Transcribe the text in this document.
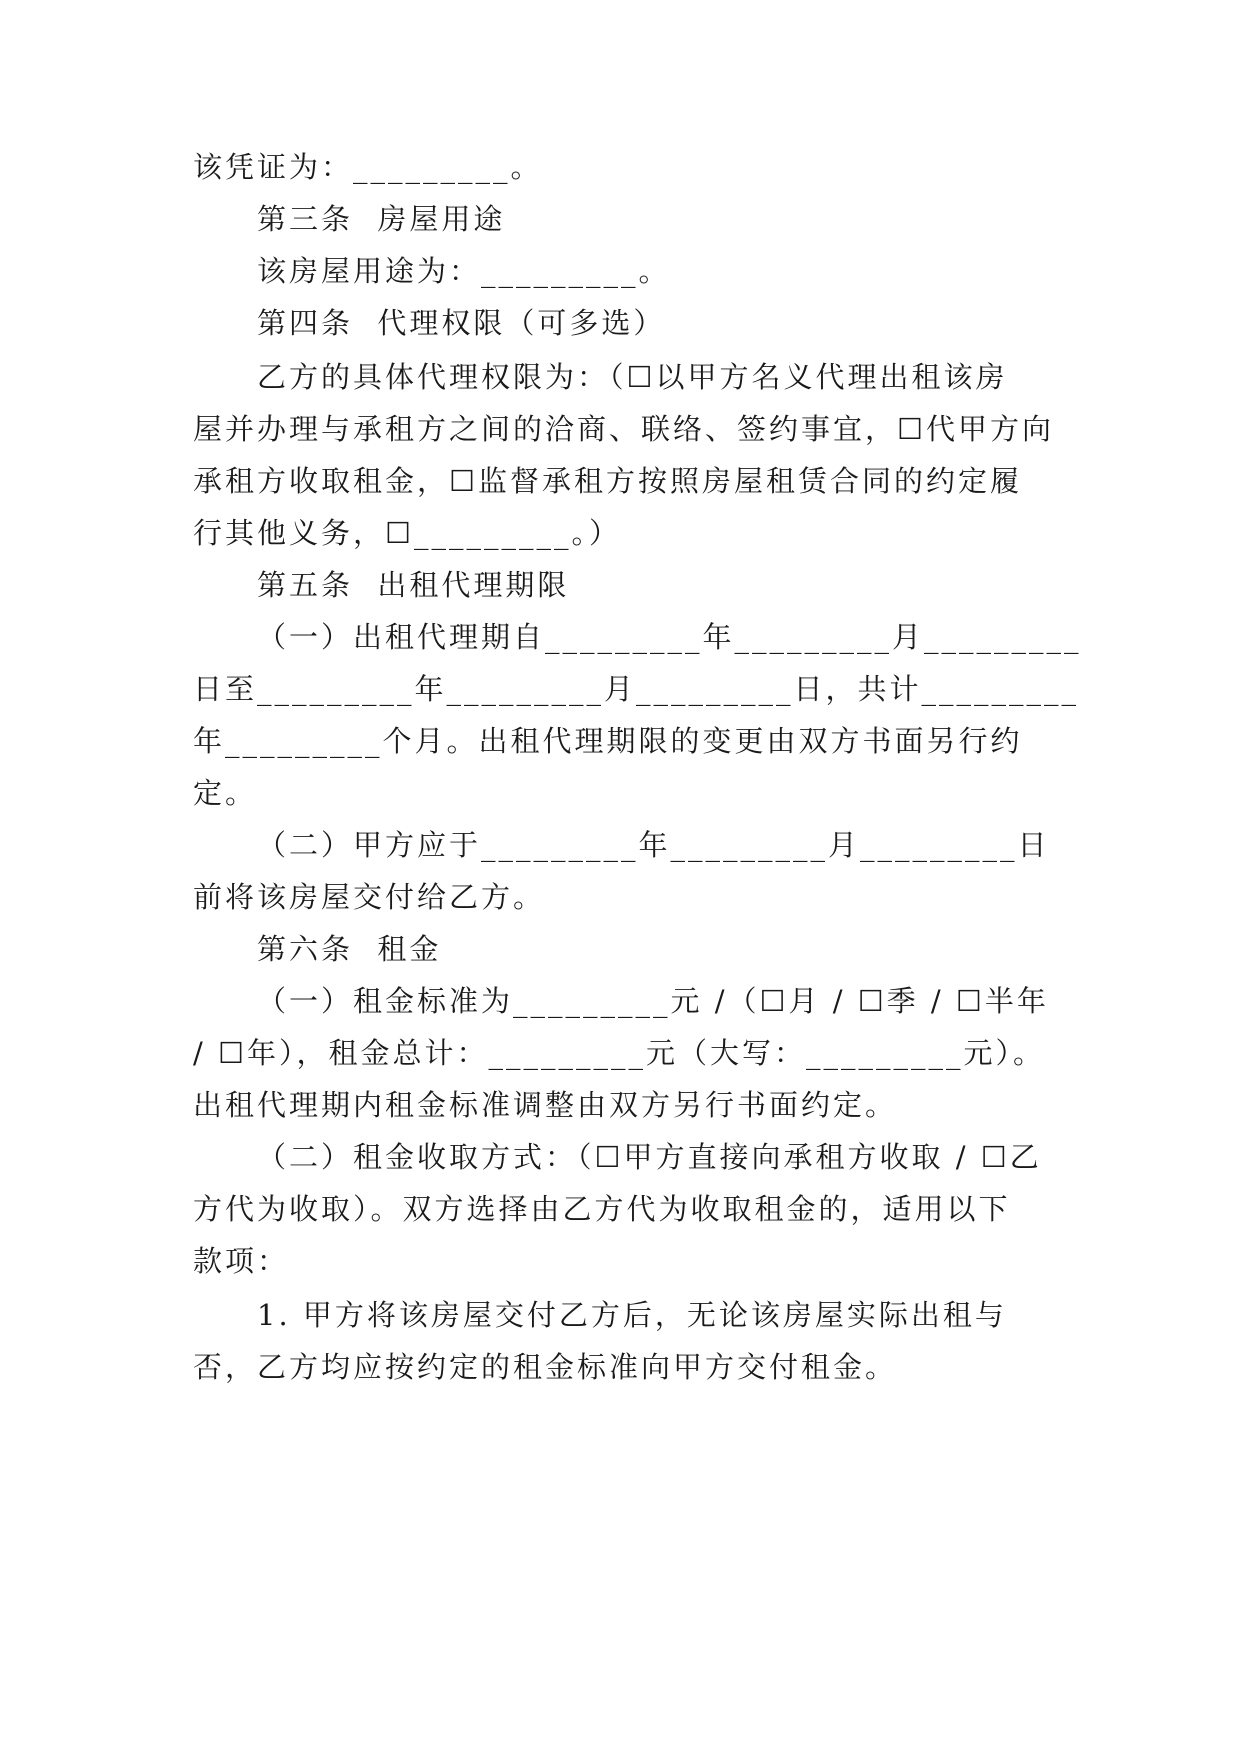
该凭证为：_________。
第三条  房屋用途
该房屋用途为：_________。
第四条  代理权限（可多选）
乙方的具体代理权限为：（☐以甲方名义代理出租该房
屋并办理与承租方之间的洽商、联络、签约事宜，☐代甲方向
承租方收取租金，☐监督承租方按照房屋租赁合同的约定履
行其他义务，☐_________。）
第五条  出租代理期限
（一）出租代理期自_________年_________月_________
日至_________年_________月_________日，共计_________
年_________个月。出租代理期限的变更由双方书面另行约
定。
（二）甲方应于_________年_________月_________日
前将该房屋交付给乙方。
第六条  租金
（一）租金标准为_________元 /（☐月 / ☐季 / ☐半年
/ ☐年），租金总计：_________元（大写：_________元）。
出租代理期内租金标准调整由双方另行书面约定。
（二）租金收取方式：（☐甲方直接向承租方收取 / ☐乙
方代为收取）。双方选择由乙方代为收取租金的，适用以下
款项：
1. 甲方将该房屋交付乙方后，无论该房屋实际出租与
否，乙方均应按约定的租金标准向甲方交付租金。
